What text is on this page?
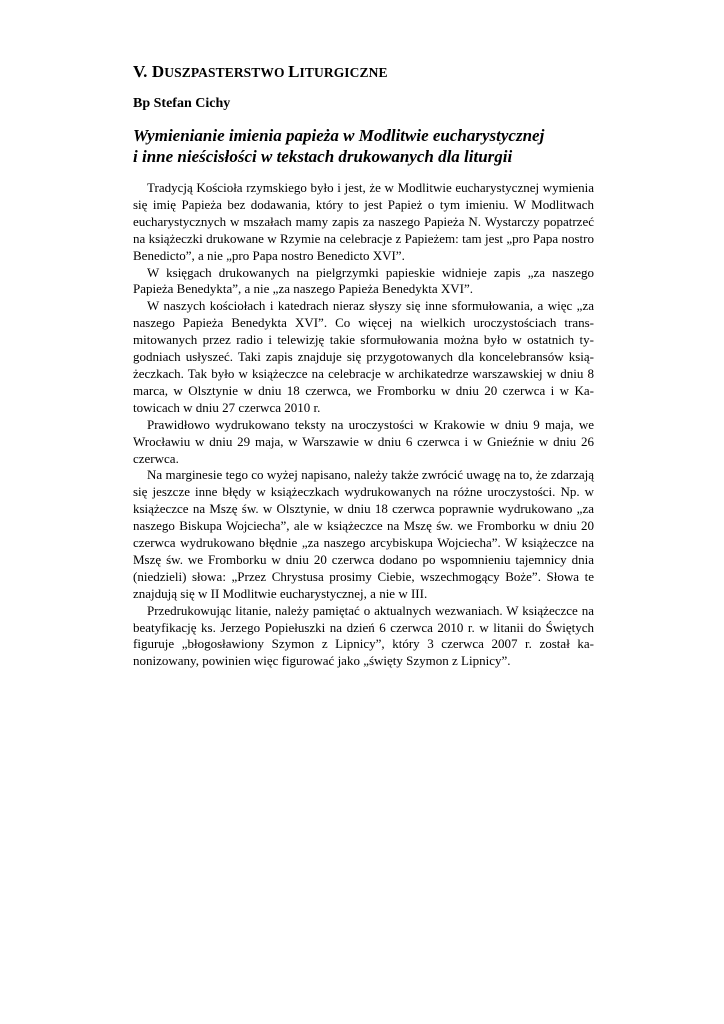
V. DUSZPASTERSTWO LITURGICZNE
Bp Stefan Cichy
Wymienianie imienia papieża w Modlitwie eucharystycznej
i inne nieścisłości w tekstach drukowanych dla liturgii

Tradycją Kościoła rzymskiego było i jest, że w Modlitwie eucharystycznej wymienia się imię Papieża bez dodawania, który to jest Papież o tym imieniu. W Modlitwach eucharystycznych w mszałach mamy zapis za naszego Papieża N. Wystarczy popatrzeć na książeczki drukowane w Rzymie na celebracje z Papieżem: tam jest „pro Papa nostro Benedicto”, a nie „pro Papa nostro Benedicto XVI”.

W księgach drukowanych na pielgrzymki papieskie widnieje zapis „za naszego Papieża Benedykta”, a nie „za naszego Papieża Benedykta XVI”.

W naszych kościołach i katedrach nieraz słyszy się inne sformułowania, a więc „za naszego Papieża Benedykta XVI”. Co więcej na wielkich uroczystościach transmitowanych przez radio i telewizję takie sformułowania można było w ostatnich tygodniach usłyszeć. Taki zapis znajduje się przygotowanych dla koncelebransów książeczkach. Tak było w książeczce na celebracje w archikatedrze warszawskiej w dniu 8 marca, w Olsztynie w dniu 18 czerwca, we Fromborku w dniu 20 czerwca i w Katowicach w dniu 27 czerwca 2010 r.

Prawidłowo wydrukowano teksty na uroczystości w Krakowie w dniu 9 maja, we Wrocławiu w dniu 29 maja, w Warszawie w dniu 6 czerwca i w Gnieźnie w dniu 26 czerwca.

Na marginesie tego co wyżej napisano, należy także zwrócić uwagę na to, że zdarzają się jeszcze inne błędy w książeczkach wydrukowanych na różne uroczystości. Np. w książeczce na Mszę św. w Olsztynie, w dniu 18 czerwca poprawnie wydrukowano „za naszego Biskupa Wojciecha”, ale w książeczce na Mszę św. we Fromborku w dniu 20 czerwca wydrukowano błędnie „za naszego arcybiskupa Wojciecha”. W książeczce na Mszę św. we Fromborku w dniu 20 czerwca dodano po wspomnieniu tajemnicy dnia (niedzieli) słowa: „Przez Chrystusa prosimy Ciebie, wszechmogący Boże”. Słowa te znajdują się w II Modlitwie eucharystycznej, a nie w III.

Przedrukowując litanie, należy pamiętać o aktualnych wezwaniach. W książeczce na beatyfikację ks. Jerzego Popiełuszki na dzień 6 czerwca 2010 r. w litanii do Świętych figuruje „błogosławiony Szymon z Lipnicy”, który 3 czerwca 2007 r. został kanonizowany, powinien więc figurować jako „święty Szymon z Lipnicy”.
